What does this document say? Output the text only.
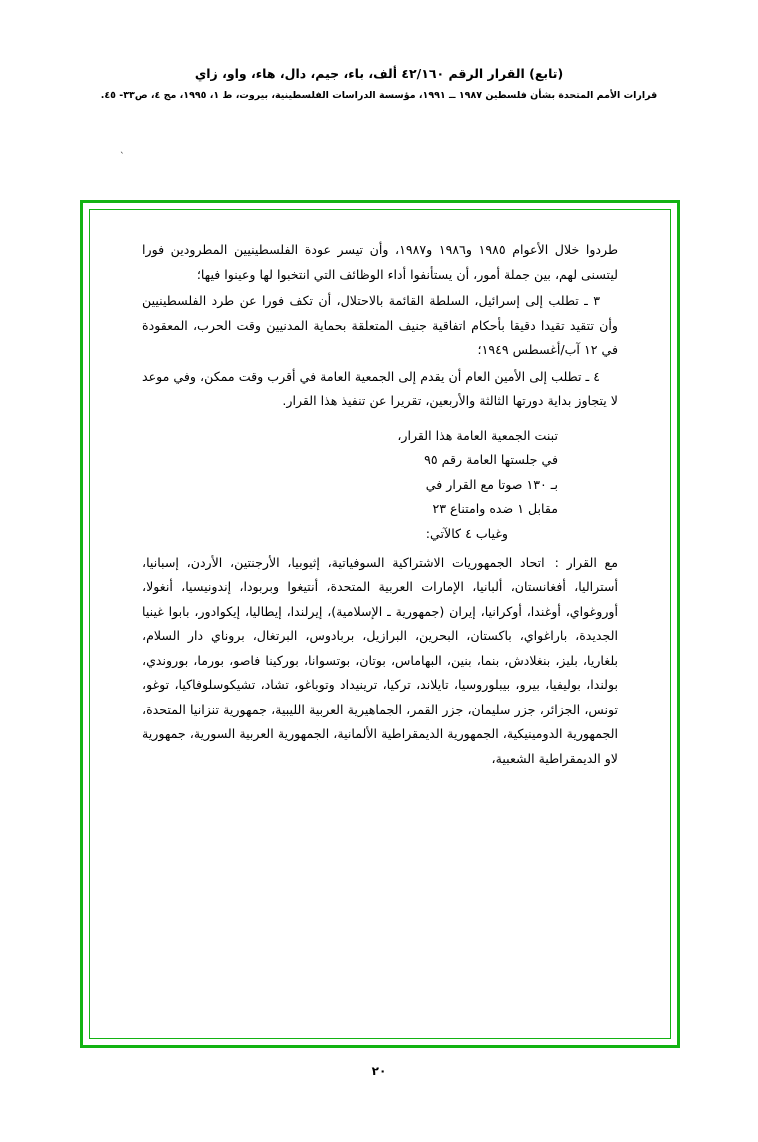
`
(تابع) القرار الرقم ٤٢/١٦٠ ألف، باء، جيم، دال، هاء، واو، زاي
قرارات الأمم المتحدة بشأن فلسطين ١٩٨٧ ــ ١٩٩١، مؤسسة الدراسات الفلسطينية، بيروت، ط ١، ١٩٩٥، مج ٤، ص٣٣- ٤٥.

طردوا خلال الأعوام ١٩٨٥ و١٩٨٦ و١٩٨٧، وأن تيسر عودة الفلسطينيين المطرودين فورا ليتسنى لهم، بين جملة أمور، أن يستأنفوا أداء الوظائف التي انتخبوا لها وعينوا فيها؛

٣ ـ تطلب إلى إسرائيل، السلطة القائمة بالاحتلال، أن تكف فورا عن طرد الفلسطينيين وأن تتقيد تقيدا دقيقا بأحكام اتفاقية جنيف المتعلقة بحماية المدنيين وقت الحرب، المعقودة في ١٢ آب/أغسطس ١٩٤٩؛

٤ ـ تطلب إلى الأمين العام أن يقدم إلى الجمعية العامة في أقرب وقت ممكن، وفي موعد لا يتجاوز بداية دورتها الثالثة والأربعين، تقريرا عن تنفيذ هذا القرار.

تبنت الجمعية العامة هذا القرار،

في جلستها العامة رقم ٩٥

بـ ١٣٠ صوتا مع القرار في

مقابل ١ ضده وامتناع ٢٣

وغياب ٤ كالآتي:

مع القرار :اتحاد الجمهوريات الاشتراكية السوفياتية، إثيوبيا، الأرجنتين، الأردن، إسبانيا، أستراليا، أفغانستان، ألبانيا، الإمارات العربية المتحدة، أنتيغوا وبربودا، إندونيسيا، أنغولا، أوروغواي، أوغندا، أوكرانيا، إيران (جمهورية ـ الإسلامية)، إيرلندا، إيطاليا، إيكوادور، بابوا غينيا الجديدة، باراغواي، باكستان، البحرين، البرازيل، بربادوس، البرتغال، بروناي دار السلام، بلغاريا، بليز، بنغلادش، بنما، بنين، البهاماس، بوتان، بوتسوانا، بوركينا فاصو، بورما، بوروندي، بولندا، بوليفيا، بيرو، بيبلوروسيا، تايلاند، تركيا، ترينيداد وتوباغو، تشاد، تشيكوسلوفاكيا، توغو، تونس، الجزائر، جزر سليمان، جزر القمر، الجماهيرية العربية الليبية، جمهورية تنزانيا المتحدة، الجمهورية الدومينيكية، الجمهورية الديمقراطية الألمانية، الجمهورية العربية السورية، جمهورية لاو الديمقراطية الشعبية،

٢٠
